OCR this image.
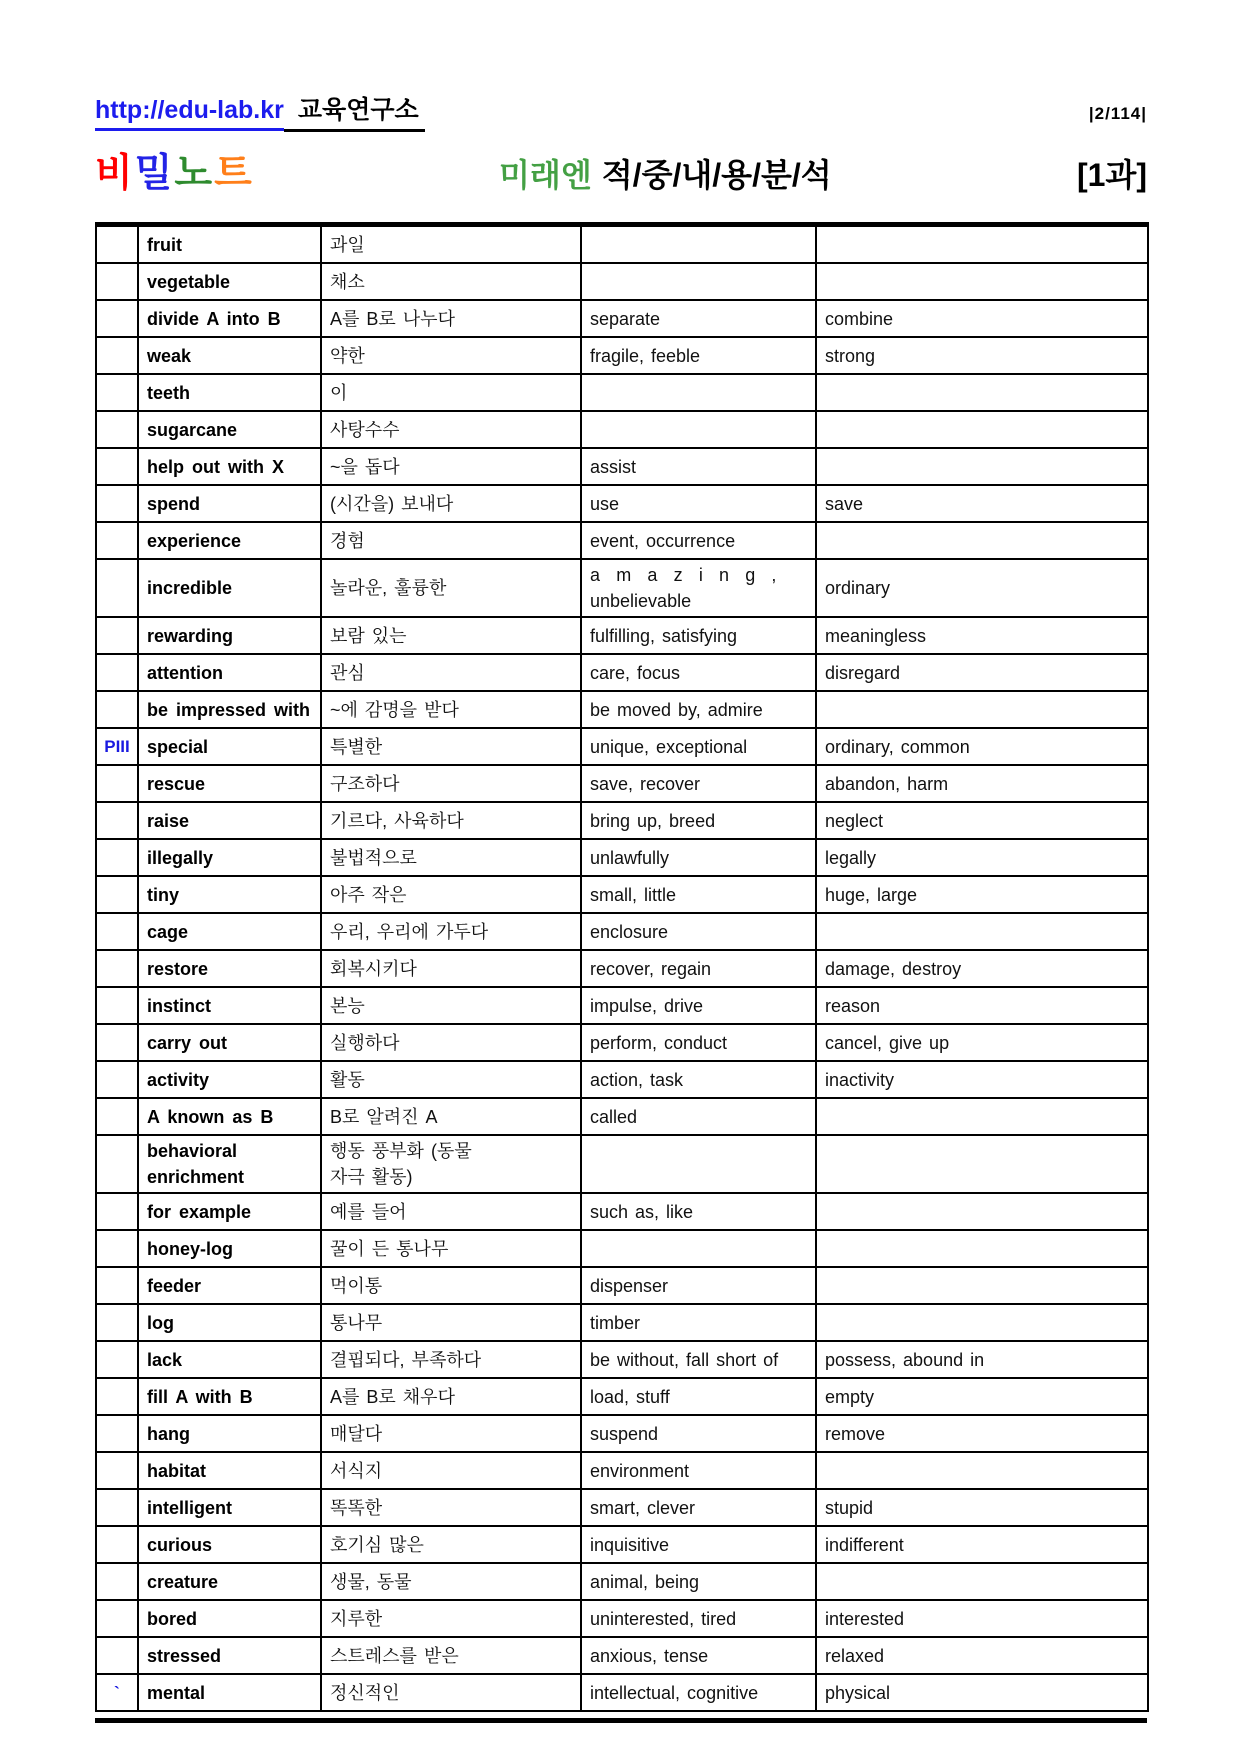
http://edu-lab.kr 교육연구소	|2/114|
비밀노트	미래엔 적/중/내/용/분/석	[1과]

	fruit	과일		

	vegetable	채소		

	divide A into B	A를 B로 나누다	separate	combine

	weak	약한	fragile, feeble	strong

	teeth	이		

	sugarcane	사탕수수		

	help out with X	~을 돕다	assist	

	spend	(시간을) 보내다	use	save

	experience	경험	event, occurrence	

	incredible	놀라운, 훌륭한	amazing,
unbelievable	ordinary

	rewarding	보람 있는	fulfilling, satisfying	meaningless

	attention	관심	care, focus	disregard

	be impressed with	~에 감명을 받다	be moved by, admire	

PIII	special	특별한	unique, exceptional	ordinary, common

	rescue	구조하다	save, recover	abandon, harm

	raise	기르다, 사육하다	bring up, breed	neglect

	illegally	불법적으로	unlawfully	legally

	tiny	아주 작은	small, little	huge, large

	cage	우리, 우리에 가두다	enclosure	

	restore	회복시키다	recover, regain	damage, destroy

	instinct	본능	impulse, drive	reason

	carry out	실행하다	perform, conduct	cancel, give up

	activity	활동	action, task	inactivity

	A known as B	B로 알려진 A	called	

	behavioral enrichment	행동 풍부화 (동물
자극 활동)		

	for example	예를 들어	such as, like	

	honey-log	꿀이 든 통나무		

	feeder	먹이통	dispenser	

	log	통나무	timber	

	lack	결핍되다, 부족하다	be without, fall short of	possess, abound in

	fill A with B	A를 B로 채우다	load, stuff	empty

	hang	매달다	suspend	remove

	habitat	서식지	environment	

	intelligent	똑똑한	smart, clever	stupid

	curious	호기심 많은	inquisitive	indifferent

	creature	생물, 동물	animal, being	

	bored	지루한	uninterested, tired	interested

	stressed	스트레스를 받은	anxious, tense	relaxed

`	mental	정신적인	intellectual, cognitive	physical
